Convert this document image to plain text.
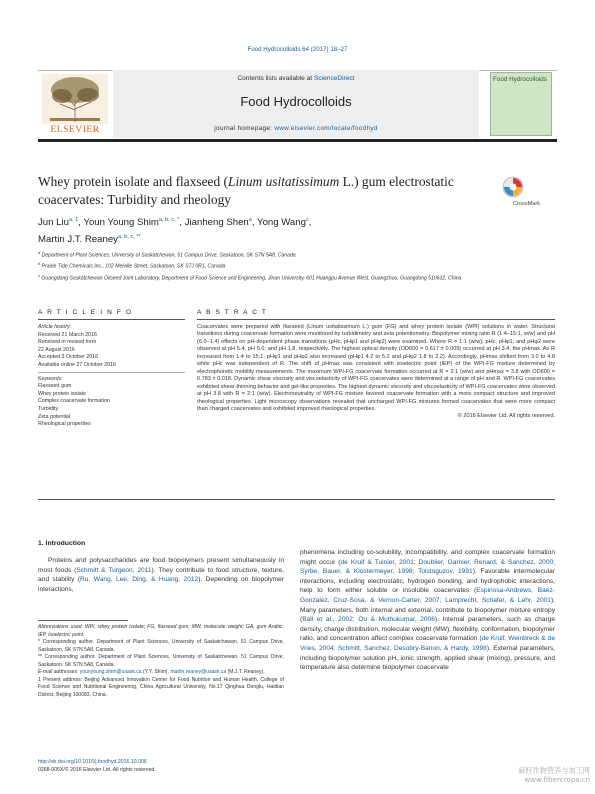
Food Hydrocolloids 64 (2017) 18–27
ELSEVIER
Contents lists available at ScienceDirect
Food Hydrocolloids
journal homepage: www.elsevier.com/locate/foodhyd
Food Hydrocolloids
Whey protein isolate and flaxseed (Linum usitatissimum L.) gum electrostatic coacervates: Turbidity and rheology	CrossMark
Jun Liu$^{a, 1}$, Youn Young Shim$^{a, b, c, *}$, Jianheng Shen$^a$, Yong Wang$^c$,
Martin J.T. Reaney$^{a, b, c, **}$
$^a$ Department of Plant Sciences, University of Saskatchewan, 51 Campus Drive, Saskatoon, SK S7N 5A8, Canada
$^b$ Prairie Tide Chemicals Inc., 102 Melville Street, Saskatoon, SK S7J 0R1, Canada
$^c$ Guangdong Saskatchewan Oilseed Joint Laboratory, Department of Food Science and Engineering, Jinan University, 601 Huangpu Avenue West, Guangzhou, Guangdong 510632, China
A R T I C L E I N F O	A B S T R A C T
Article history:
Received 21 March 2016
Received in revised form
22 August 2016
Accepted 3 October 2016
Available online 27 October 2016
Keywords:
Flaxseed gum
Whey protein isolate
Complex coacervate formation
Turbidity
Zeta potential
Rheological properties
Coacervates were prepared with flaxseed (Linum usitatissimum L.) gum (FG) and whey protein isolate (WPI) solutions in water. Structural transitions during coacervate formation were monitored by turbidimetry and zeta potentiometry. Biopolymer mixing ratio R (1:4–15:1, w/w) and pH (6.0–1.4) effects on pH-dependent phase transitions (pHc, pHφ1 and pHφ2) were examined. Where R = 1:1 (w/w), pHc, pHφ1, and pHφ2 were observed at pH 5.4, pH 5.0, and pH 1.8, respectively. The highest optical density (OD600 = 0.617 ± 0.009) occurred at pH 3.4, the pHmax. As R increased from 1:4 to 15:1, pHφ1 and pHφ2 also increased (pHφ1 4.2 to 5.2 and pHφ2 1.8 to 2.2). Accordingly, pHmax shifted from 3.0 to 4.8 while pHc was independent of R. The shift of pHmax was consistent with isoelectric point (IEP) of the WPI-FG mixture determined by electrophoretic mobility measurements. The maximum WPI-FG coacervate formation occurred at R = 2:1 (w/w) and pHmax = 3.8 with OD600 = 0.783 ± 0.018. Dynamic shear viscosity and viscoelasticity of WPI-FG coacervates were determined at a range of pH and R. WPI-FG coacervates exhibited shear-thinning behavior and gel-like properties. The highest dynamic viscosity and viscoelasticity of WPI-FG coacervates were observed at pH 3.8 with R = 2:1 (w/w). Electroneutrality of WPI-FG mixture favored coacervate formation with a more compact structure and improved rheological properties. Light microscopy observations revealed that uncharged WPI-FG mixtures formed coacervates that were more compact than charged coacervates and exhibited improved rheological properties.
© 2016 Elsevier Ltd. All rights reserved.
1. Introduction
Proteins and polysaccharides are food biopolymers present simultaneously in most foods (Schmitt & Turgeon, 2011). They contribute to food structure, texture, and stability (Ru, Wang, Lee, Ding, & Huang, 2012). Depending on biopolymer interactions,

Abbreviations used: WPI, whey protein isolate; FG, flaxseed gum; MW, molecular weight; GA, gum Arabic; IEP, isoelectric point.

* Corresponding author. Department of Plant Sciences, University of Saskatchewan, 51 Campus Drive, Saskatoon, SK S7N 5A8, Canada.

** Corresponding author. Department of Plant Sciences, University of Saskatchewan, 51 Campus Drive, Saskatoon, SK S7N 5A8, Canada.

E-mail addresses: younyoung.shim@usask.ca (Y.Y. Shim), martin.reaney@usask.ca (M.J.T. Reaney).

1 Present address: Beijing Advanced Innovation Center for Food Nutrition and Human Health, College of Food Science and Nutritional Engineering, China Agricultural University, No.17 Qinghua Donglu, Haidian District, Beijing 100083, China.

http://dx.doi.org/10.1016/j.foodhyd.2016.10.006
0268-005X/© 2016 Elsevier Ltd. All rights reserved.
phenomena including co-solubility, incompatibility, and complex coacervate formation might occur (de Kruif & Tuinier, 2001; Doublier, Garnier, Renard, & Sanchez, 2000; Syrbe, Bauer, & Klostermeyer, 1998; Tolstoguzov, 1991). Favorable intermolecular interactions, including electrostatic, hydrogen bonding, and hydrophobic interactions, help to form either soluble or insoluble coacervates (Espinosa-Andrews, Baez-Gonzalez, Cruz-Sosa, & Vernon-Carter, 2007; Lamprecht, Schafer, & Lehr, 2001). Many parameters, both internal and external, contribute to biopolymer mixture entropy (Ball et al., 2002; Ou & Muthukumar, 2006). Internal parameters, such as charge density, charge distribution, molecular weight (MW), flexibility, conformation, biopolymer ratio, and concentration affect complex coacervate formation (de Kruif, Weinbreck & de Vries, 2004; Schmitt, Sanchez, Desobry-Banon, & Hardy, 1998). External parameters, including biopolymer solution pH, ionic strength, applied shear (mixing), pressure, and temperature also determine biopolymer coacervate
麻籽作物营养与加工网 www.fibercrops.cn
